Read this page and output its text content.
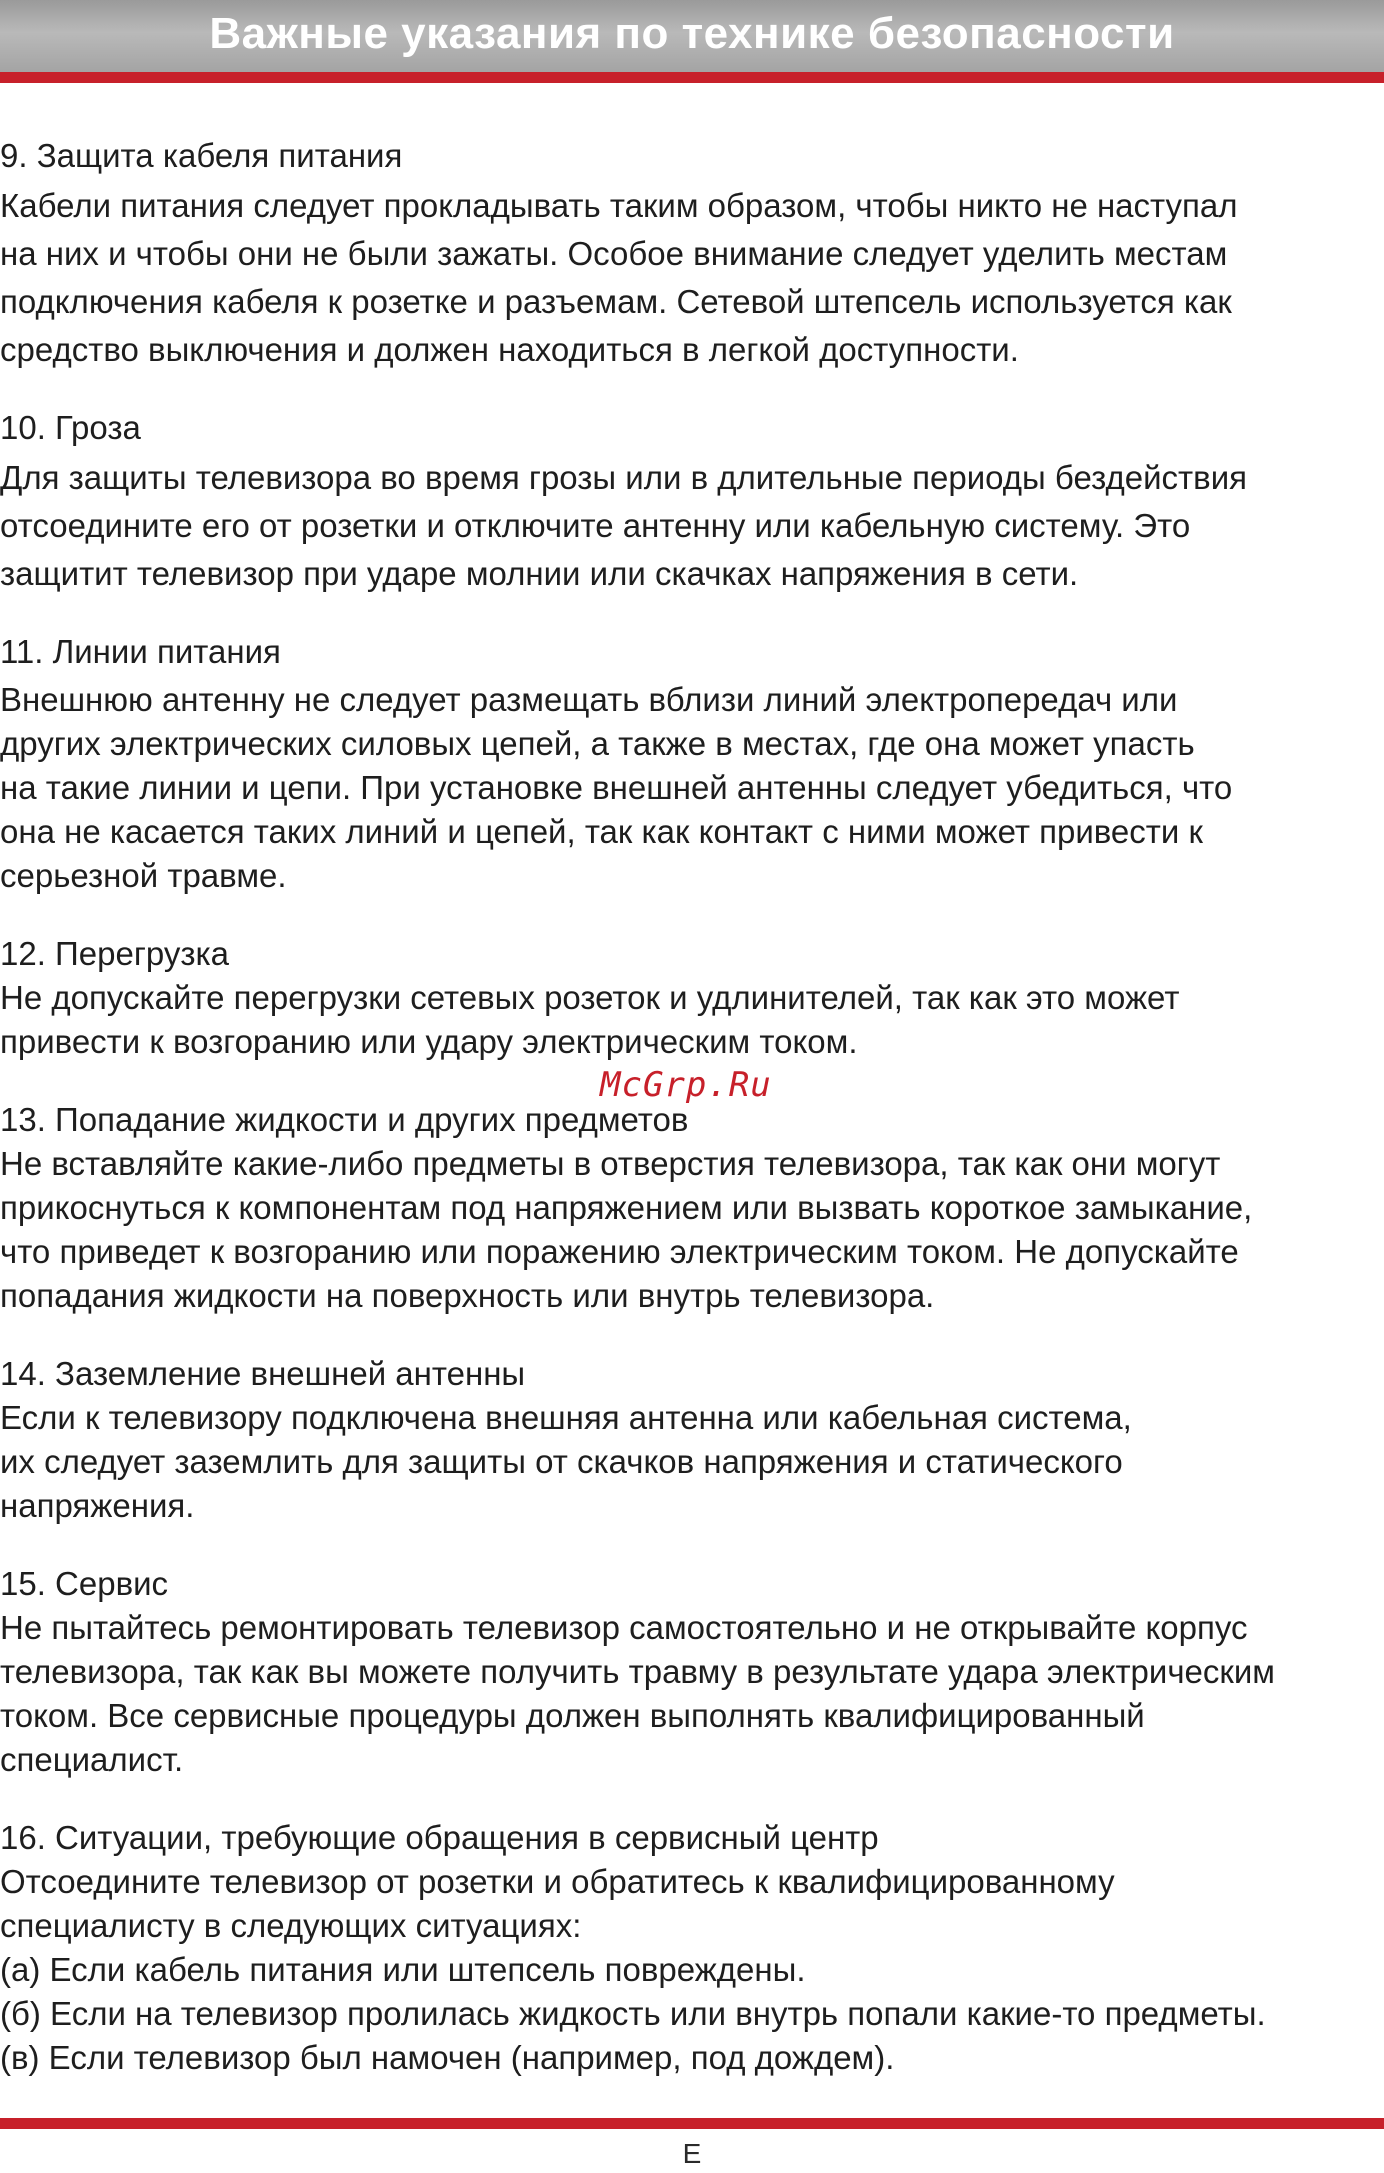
Важные указания по технике безопасности
9. Защита кабеля питания
Кабели питания следует прокладывать таким образом, чтобы никто не наступал
на них и чтобы они не были зажаты. Особое внимание следует уделить местам
подключения кабеля к розетке и разъемам. Сетевой штепсель используется как
средство выключения и должен находиться в легкой доступности.
10. Гроза
Для защиты телевизора во время грозы или в длительные периоды бездействия
отсоедините его от розетки и отключите антенну или кабельную систему. Это
защитит телевизор при ударе молнии или скачках напряжения в сети.
11. Линии питания
Внешнюю антенну не следует размещать вблизи линий электропередач или
других электрических силовых цепей, а также в местах, где она может упасть
на такие линии и цепи. При установке внешней антенны следует убедиться, что
она не касается таких линий и цепей, так как контакт с ними может привести к
серьезной травме.
12. Перегрузка
Не допускайте перегрузки сетевых розеток и удлинителей, так как это может
привести к возгоранию или удару электрическим током.
13. Попадание жидкости и других предметов
Не вставляйте какие-либо предметы в отверстия телевизора, так как они могут
прикоснуться к компонентам под напряжением или вызвать короткое замыкание,
что приведет к возгоранию или поражению электрическим током. Не допускайте
попадания жидкости на поверхность или внутрь телевизора.
14. Заземление внешней антенны
Если к телевизору подключена внешняя антенна или кабельная система,
их следует заземлить для защиты от скачков напряжения и статического
напряжения.
15. Сервис
Не пытайтесь ремонтировать телевизор самостоятельно и не открывайте корпус
телевизора, так как вы можете получить травму в результате удара электрическим
током. Все сервисные процедуры должен выполнять квалифицированный
специалист.
16. Ситуации, требующие обращения в сервисный центр
Отсоедините телевизор от розетки и обратитесь к квалифицированному
специалисту в следующих ситуациях:
(а) Если кабель питания или штепсель повреждены.
(б) Если на телевизор пролилась жидкость или внутрь попали какие-то предметы.
(в) Если телевизор был намочен (например, под дождем).
McGrp.Ru
E
